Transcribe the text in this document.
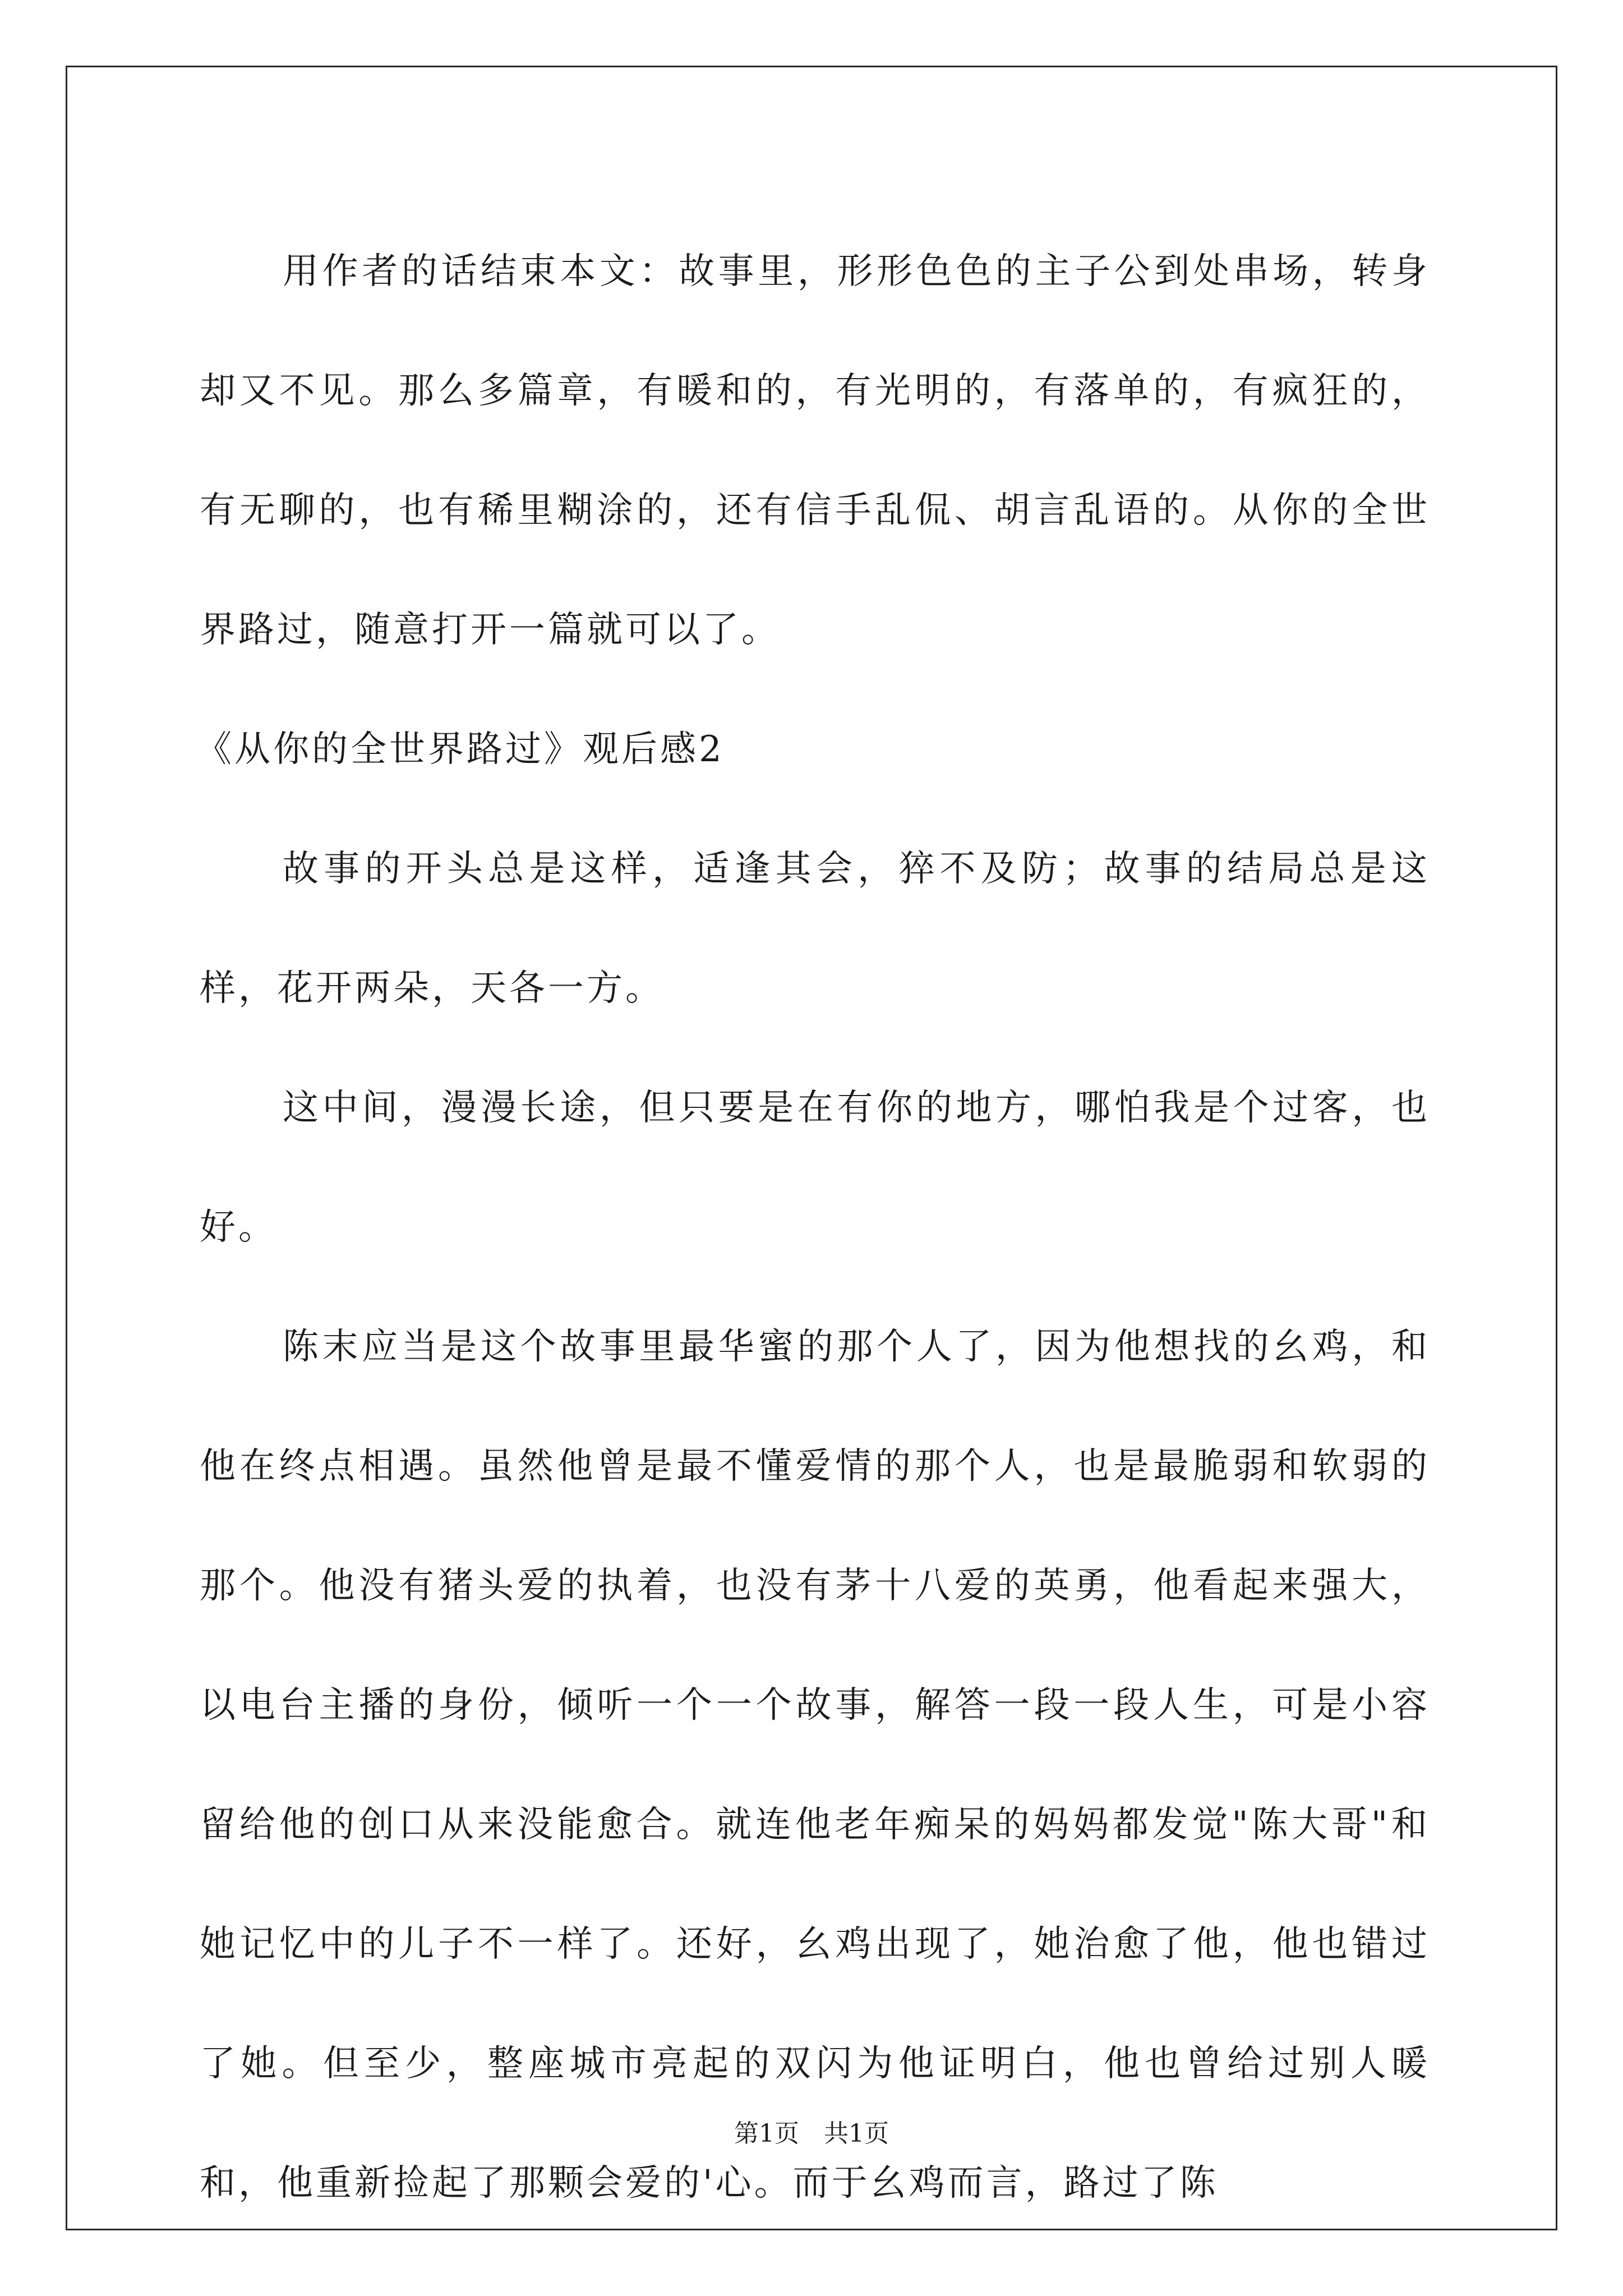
用作者的话结束本文：故事里，形形色色的主子公到处串场，转身却又不见。那么多篇章，有暖和的，有光明的，有落单的，有疯狂的，有无聊的，也有稀里糊涂的，还有信手乱侃、胡言乱语的。从你的全世界路过，随意打开一篇就可以了。

《从你的全世界路过》观后感2

故事的开头总是这样，适逢其会，猝不及防；故事的结局总是这样，花开两朵，天各一方。

这中间，漫漫长途，但只要是在有你的地方，哪怕我是个过客，也好。

陈末应当是这个故事里最华蜜的那个人了，因为他想找的幺鸡，和他在终点相遇。虽然他曾是最不懂爱情的那个人，也是最脆弱和软弱的那个。他没有猪头爱的执着，也没有茅十八爱的英勇，他看起来强大，以电台主播的身份，倾听一个一个故事，解答一段一段人生，可是小容留给他的创口从来没能愈合。就连他老年痴呆的妈妈都发觉"陈大哥"和她记忆中的儿子不一样了。还好，幺鸡出现了，她治愈了他，他也错过了她。但至少，整座城市亮起的双闪为他证明白，他也曾给过别人暖和，他重新捡起了那颗会爱的'心。而于幺鸡而言，路过了陈

第1页 共1页
